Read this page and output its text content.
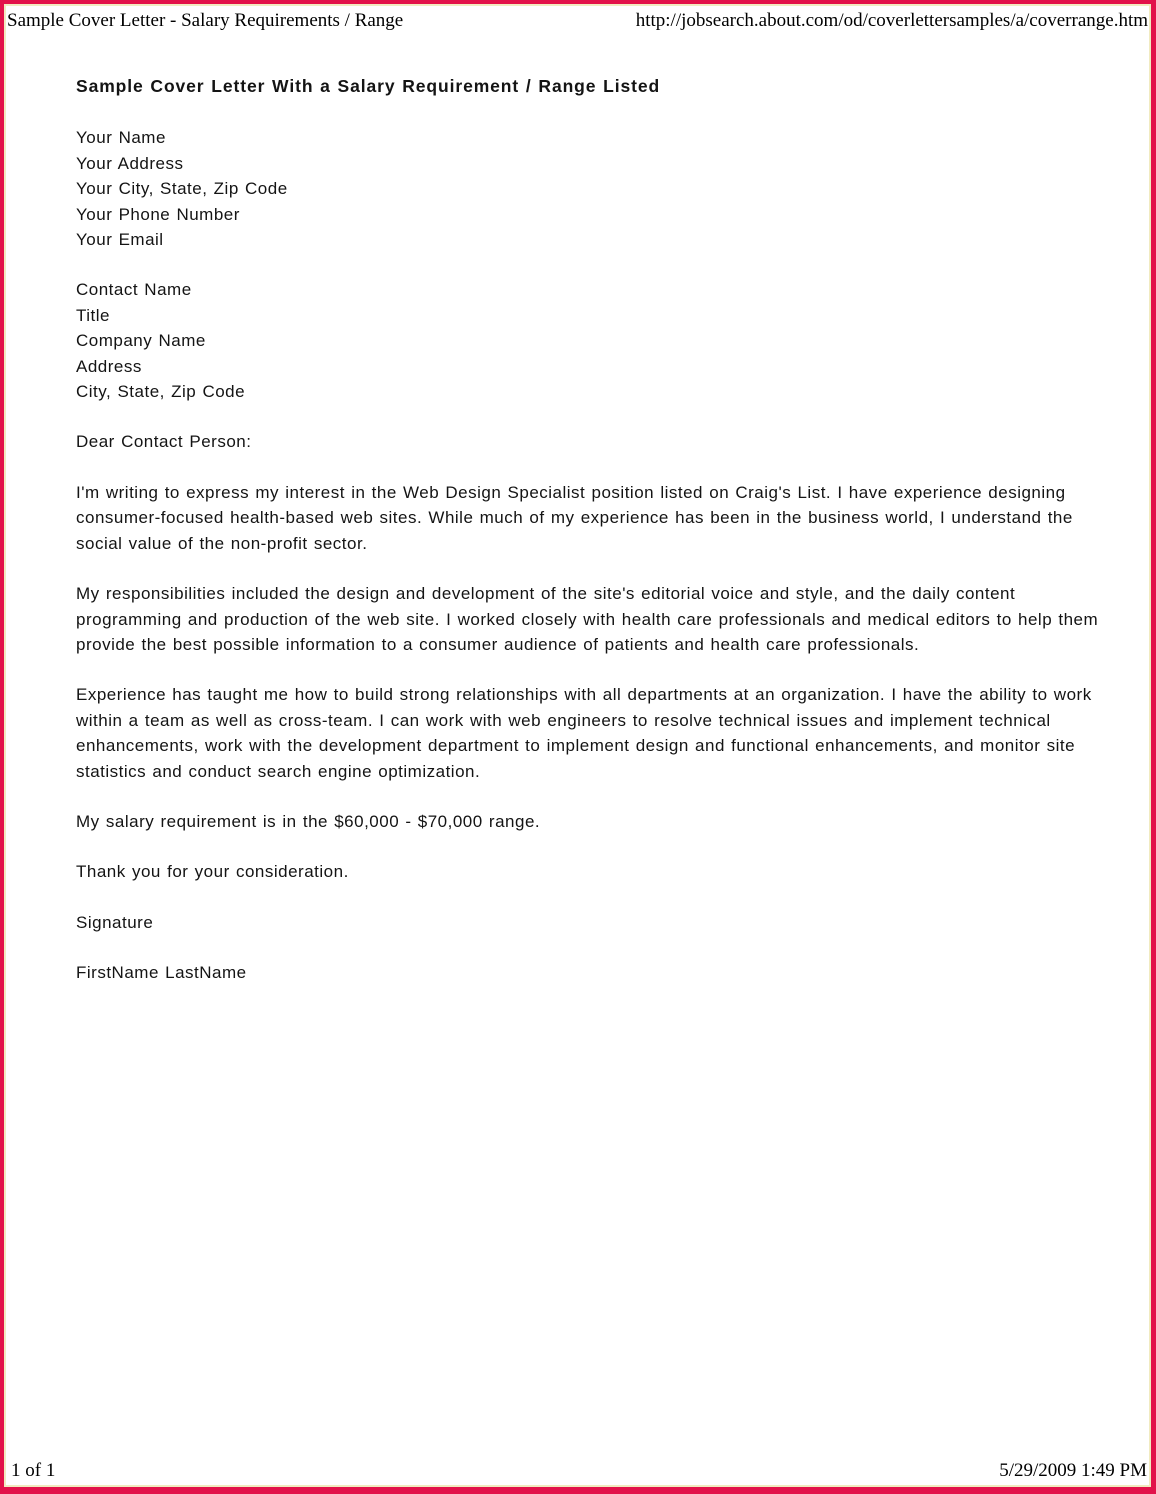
Sample Cover Letter - Salary Requirements / Range	http://jobsearch.about.com/od/coverlettersamples/a/coverrange.htm
Sample Cover Letter With a Salary Requirement / Range Listed
Your Name
Your Address
Your City, State, Zip Code
Your Phone Number
Your Email
Contact Name
Title
Company Name
Address
City, State, Zip Code

Dear Contact Person:

I'm writing to express my interest in the Web Design Specialist position listed on Craig's List. I have experience designing consumer-focused health-based web sites. While much of my experience has been in the business world, I understand the social value of the non-profit sector.

My responsibilities included the design and development of the site's editorial voice and style, and the daily content programming and production of the web site. I worked closely with health care professionals and medical editors to help them provide the best possible information to a consumer audience of patients and health care professionals.

Experience has taught me how to build strong relationships with all departments at an organization. I have the ability to work within a team as well as cross-team. I can work with web engineers to resolve technical issues and implement technical enhancements, work with the development department to implement design and functional enhancements, and monitor site statistics and conduct search engine optimization.

My salary requirement is in the $60,000 - $70,000 range.

Thank you for your consideration.

Signature

FirstName LastName

1 of 1	5/29/2009 1:49 PM
